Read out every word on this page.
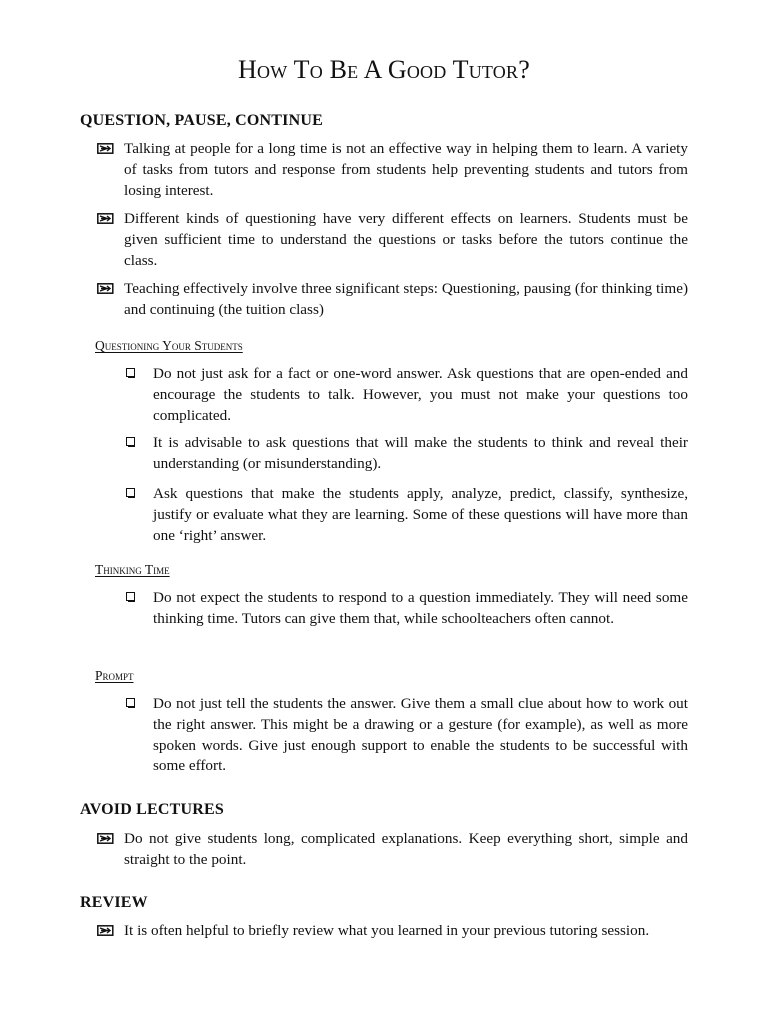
How To Be A Good Tutor?
QUESTION, PAUSE, CONTINUE
Talking at people for a long time is not an effective way in helping them to learn. A variety of tasks from tutors and response from students help preventing students and tutors from losing interest.
Different kinds of questioning have very different effects on learners. Students must be given sufficient time to understand the questions or tasks before the tutors continue the class.
Teaching effectively involve three significant steps: Questioning, pausing (for thinking time) and continuing (the tuition class)
Questioning Your Students
Do not just ask for a fact or one-word answer. Ask questions that are open-ended and encourage the students to talk. However, you must not make your questions too complicated.
It is advisable to ask questions that will make the students to think and reveal their understanding (or misunderstanding).
Ask questions that make the students apply, analyze, predict, classify, synthesize, justify or evaluate what they are learning. Some of these questions will have more than one ‘right’ answer.
Thinking Time
Do not expect the students to respond to a question immediately. They will need some thinking time. Tutors can give them that, while schoolteachers often cannot.
Prompt
Do not just tell the students the answer. Give them a small clue about how to work out the right answer. This might be a drawing or a gesture (for example), as well as more spoken words. Give just enough support to enable the students to be successful with some effort.
AVOID LECTURES
Do not give students long, complicated explanations. Keep everything short, simple and straight to the point.
REVIEW
It is often helpful to briefly review what you learned in your previous tutoring session.
